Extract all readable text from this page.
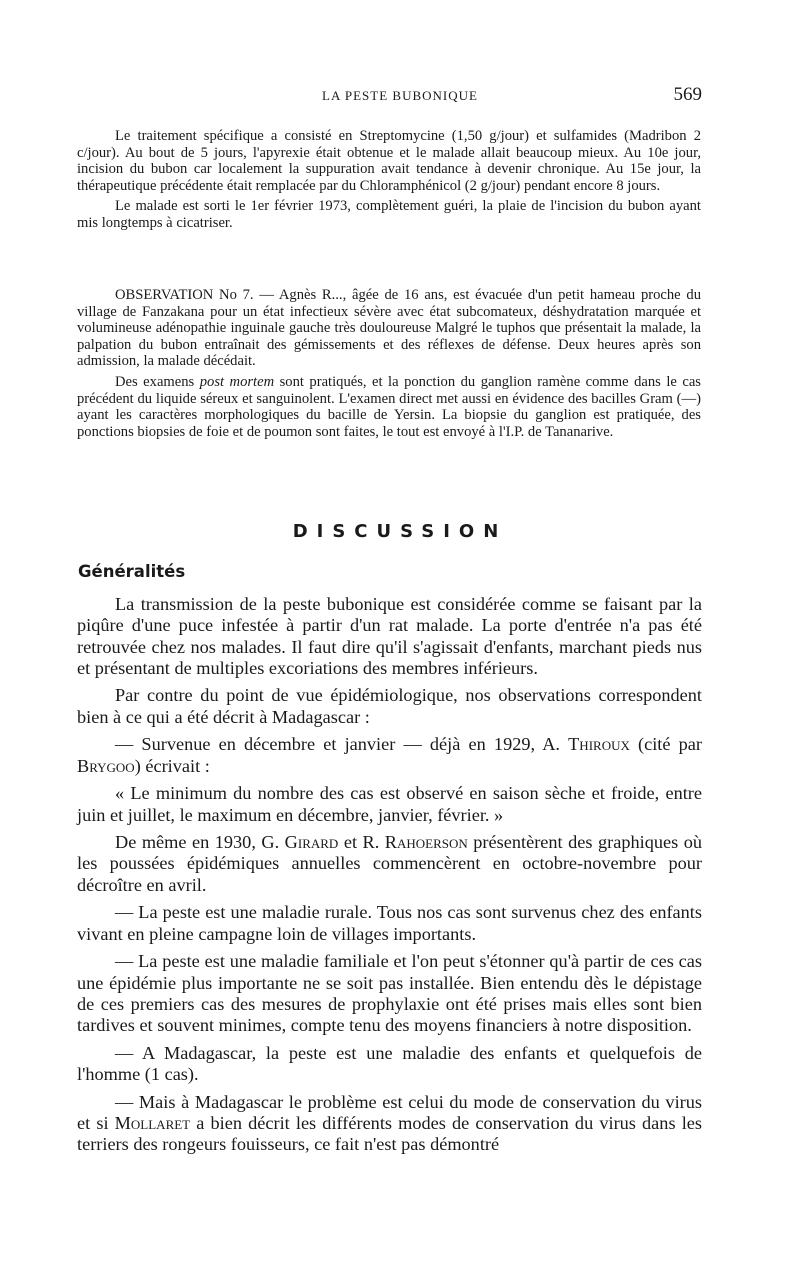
LA PESTE BUBONIQUE	569

Le traitement spécifique a consisté en Streptomycine (1,50 g/jour) et sulfamides (Madribon 2 c/jour). Au bout de 5 jours, l'apyrexie était obtenue et le malade allait beaucoup mieux. Au 10e jour, incision du bubon car localement la suppuration avait tendance à devenir chronique. Au 15e jour, la thérapeutique précédente était remplacée par du Chloramphénicol (2 g/jour) pendant encore 8 jours.

Le malade est sorti le 1er février 1973, complètement guéri, la plaie de l'incision du bubon ayant mis longtemps à cicatriser.

OBSERVATION No 7. — Agnès R..., âgée de 16 ans, est évacuée d'un petit hameau proche du village de Fanzakana pour un état infectieux sévère avec état subcomateux, déshydratation marquée et volumineuse adénopathie inguinale gauche très douloureuse Malgré le tuphos que présentait la malade, la palpation du bubon entraînait des gémissements et des réflexes de défense. Deux heures après son admission, la malade décédait.

Des examens post mortem sont pratiqués, et la ponction du ganglion ramène comme dans le cas précédent du liquide séreux et sanguinolent. L'examen direct met aussi en évidence des bacilles Gram (—) ayant les caractères morphologiques du bacille de Yersin. La biopsie du ganglion est pratiquée, des ponctions biopsies de foie et de poumon sont faites, le tout est envoyé à l'I.P. de Tananarive.

DISCUSSION
Généralités

La transmission de la peste bubonique est considérée comme se faisant par la piqûre d'une puce infestée à partir d'un rat malade. La porte d'entrée n'a pas été retrouvée chez nos malades. Il faut dire qu'il s'agissait d'enfants, marchant pieds nus et présentant de multiples excoriations des membres inférieurs.

Par contre du point de vue épidémiologique, nos observations correspondent bien à ce qui a été décrit à Madagascar :

— Survenue en décembre et janvier — déjà en 1929, A. Thiroux (cité par Brygoo) écrivait :

« Le minimum du nombre des cas est observé en saison sèche et froide, entre juin et juillet, le maximum en décembre, janvier, février. »

De même en 1930, G. Girard et R. Rahoerson présentèrent des graphiques où les poussées épidémiques annuelles commencèrent en octobre-novembre pour décroître en avril.

— La peste est une maladie rurale. Tous nos cas sont survenus chez des enfants vivant en pleine campagne loin de villages importants.

— La peste est une maladie familiale et l'on peut s'étonner qu'à partir de ces cas une épidémie plus importante ne se soit pas installée. Bien entendu dès le dépistage de ces premiers cas des mesures de prophylaxie ont été prises mais elles sont bien tardives et souvent minimes, compte tenu des moyens financiers à notre disposition.

— A Madagascar, la peste est une maladie des enfants et quelquefois de l'homme (1 cas).

— Mais à Madagascar le problème est celui du mode de conservation du virus et si Mollaret a bien décrit les différents modes de conservation du virus dans les terriers des rongeurs fouisseurs, ce fait n'est pas démontré
